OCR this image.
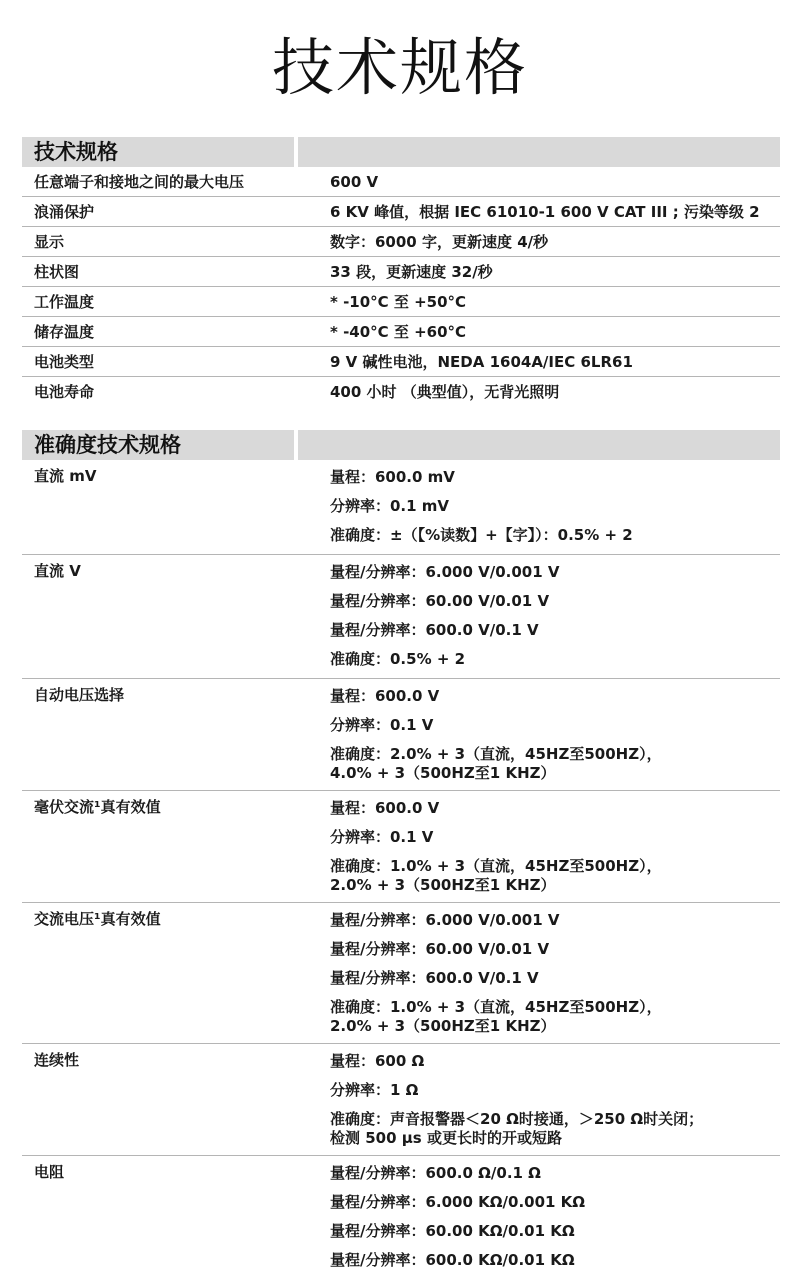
技术规格
技术规格
任意端子和接地之间的最大电压	600 V
浪涌保护	6 KV 峰值，根据 IEC 61010-1 600 V CAT III ; 污染等级 2
显示	数字：6000 字，更新速度 4/秒
柱状图	33 段，更新速度 32/秒
工作温度	* -10°C 至 +50°C
储存温度	* -40°C 至 +60°C
电池类型	9 V 碱性电池，NEDA 1604A/IEC 6LR61
电池寿命	400 小时 （典型值），无背光照明
准确度技术规格
直流 mV	量程：600.0 mV
分辨率：0.1 mV
准确度：±（【%读数】+【字】）：0.5% + 2
直流 V	量程/分辨率：6.000 V/0.001 V
量程/分辨率：60.00 V/0.01 V
量程/分辨率：600.0 V/0.1 V
准确度：0.5% + 2
自动电压选择	量程：600.0 V
分辨率：0.1 V
准确度：2.0% + 3（直流，45HZ至500HZ），
4.0% + 3（500HZ至1 KHZ）
毫伏交流¹真有效值	量程：600.0 V
分辨率：0.1 V
准确度：1.0% + 3（直流，45HZ至500HZ），
2.0% + 3（500HZ至1 KHZ）
交流电压¹真有效值	量程/分辨率：6.000 V/0.001 V
量程/分辨率：60.00 V/0.01 V
量程/分辨率：600.0 V/0.1 V
准确度：1.0% + 3（直流，45HZ至500HZ），
2.0% + 3（500HZ至1 KHZ）
连续性	量程：600 Ω
分辨率：1 Ω
准确度：声音报警器＜20 Ω时接通，＞250 Ω时关闭；
检测 500 µs 或更长时的开或短路
电阻	量程/分辨率：600.0 Ω/0.1 Ω
量程/分辨率：6.000 KΩ/0.001 KΩ
量程/分辨率：60.00 KΩ/0.01 KΩ
量程/分辨率：600.0 KΩ/0.01 KΩ
